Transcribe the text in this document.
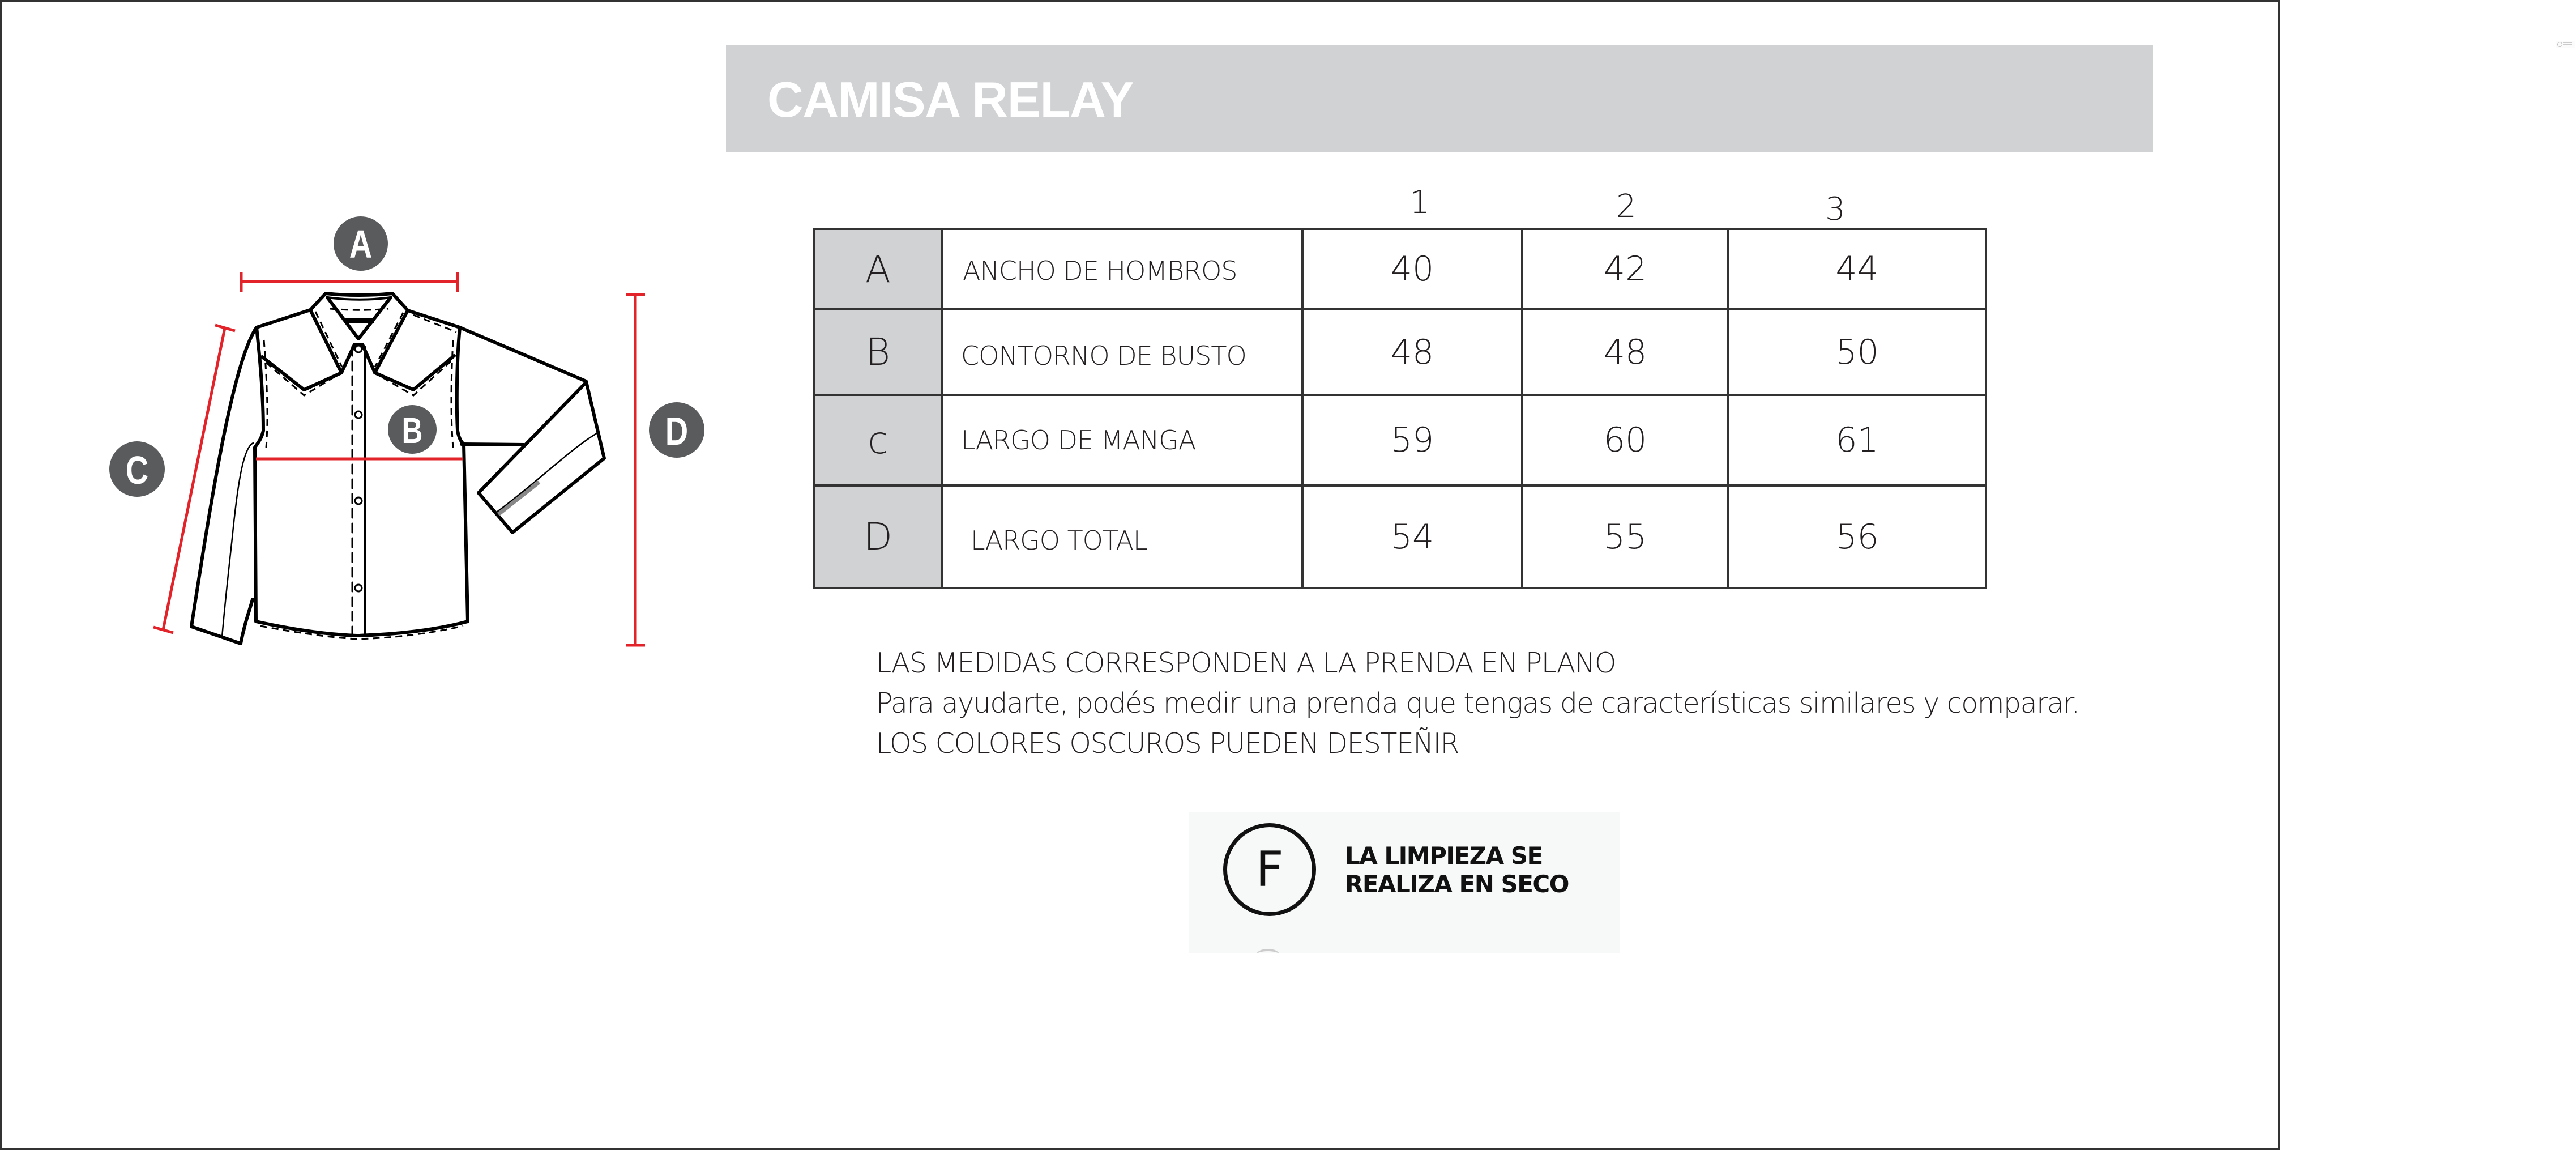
CAMISA RELAY
A
B
C
D
1	2	3
A	ANCHO DE HOMBROS	40	42	44
B	CONTORNO DE BUSTO	48	48	50
c	LARGO DE MANGA	59	60	61
D	LARGO TOTAL	54	55	56
LAS MEDIDAS CORRESPONDEN A LA PRENDA EN PLANO
Para ayudarte, podés medir una prenda que tengas de características similares y comparar.
LOS COLORES OSCUROS PUEDEN DESTEÑIR
F	LA LIMPIEZA SE
REALIZA EN SECO
